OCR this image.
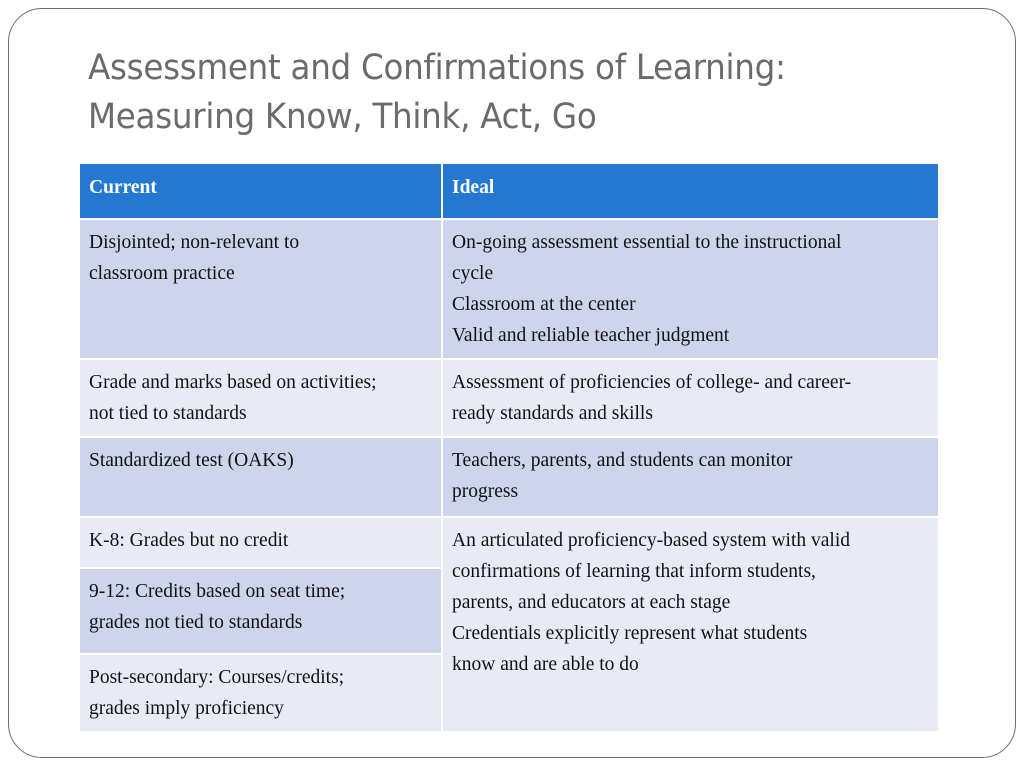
Assessment and Confirmations of Learning:
Measuring Know, Think, Act, Go
Current	Ideal

Disjointed; non-relevant to
classroom practice	On-going assessment essential to the instructional
cycle
Classroom at the center
Valid and reliable teacher judgment

Grade and marks based on activities;
not tied to standards	Assessment of proficiencies of college- and career-
ready standards and skills

Standardized test (OAKS)	Teachers, parents, and students can monitor
progress

K-8: Grades but no credit	An articulated proficiency-based system with valid
confirmations of learning that inform students,
parents, and educators at each stage
Credentials explicitly represent what students
know and are able to do

9-12: Credits based on seat time;
grades not tied to standards	

Post-secondary: Courses/credits;
grades imply proficiency	
